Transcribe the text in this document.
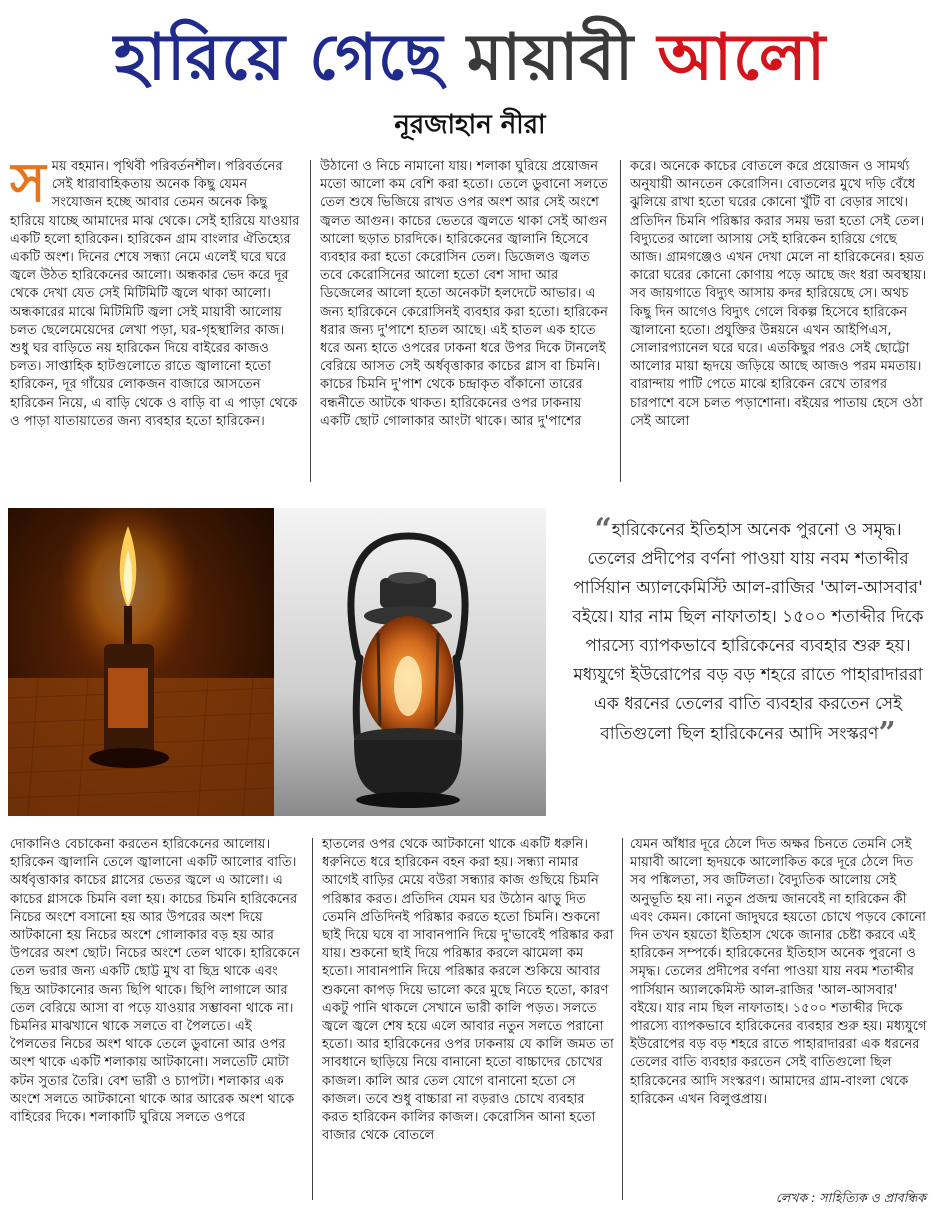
হারিয়ে গেছে মায়াবী আলো
নূরজাহান নীরা

সময় বহমান। পৃথিবী পরিবর্তনশীল। পরিবর্তনের সেই ধারাবাহিকতায় অনেক কিছু যেমন সংযোজন হচ্ছে আবার তেমন অনেক কিছু হারিয়ে যাচ্ছে আমাদের মাঝ থেকে। সেই হারিয়ে যাওয়ার একটি হলো হারিকেন। হারিকেন গ্রাম বাংলার ঐতিহ্যের একটি অংশ। দিনের শেষে সন্ধ্যা নেমে এলেই ঘরে ঘরে জ্বলে উঠত হারিকেনের আলো। অন্ধকার ভেদ করে দূর থেকে দেখা যেত সেই মিটিমিটি জ্বলে থাকা আলো। অন্ধকারের মাঝে মিটিমিটি জ্বলা সেই মায়াবী আলোয় চলত ছেলেমেয়েদের লেখা পড়া, ঘর-গৃহস্থালির কাজ। শুধু ঘর বাড়িতে নয় হারিকেন দিয়ে বাইরের কাজও চলত। সাপ্তাহিক হাটগুলোতে রাতে জ্বালানো হতো হারিকেন, দূর গাঁয়ের লোকজন বাজারে আসতেন হারিকেন নিয়ে, এ বাড়ি থেকে ও বাড়ি বা এ পাড়া থেকে ও পাড়া যাতায়াতের জন্য ব্যবহার হতো হারিকেন।

উঠানো ও নিচে নামানো যায়। শলাকা ঘুরিয়ে প্রয়োজন মতো আলো কম বেশি করা হতো। তেলে ডুবানো সলতে তেল শুষে ভিজিয়ে রাখত ওপর অংশ আর সেই অংশে জ্বলত আগুন। কাচের ভেতরে জ্বলতে থাকা সেই আগুন আলো ছড়াত চারদিকে। হারিকেনের জ্বালানি হিসেবে ব্যবহার করা হতো কেরোসিন তেল। ডিজেলও জ্বলত তবে কেরোসিনের আলো হতো বেশ সাদা আর ডিজেলের আলো হতো অনেকটা হলদেটে আভার। এ জন্য হারিকেনে কেরোসিনই ব্যবহার করা হতো। হারিকেন ধরার জন্য দু'পাশে হাতল আছে। এই হাতল এক হাতে ধরে অন্য হাতে ওপরের ঢাকনা ধরে উপর দিকে টানলেই বেরিয়ে আসত সেই অর্ধবৃত্তাকার কাচের গ্লাস বা চিমনি। কাচের চিমনি দু'পাশ থেকে চন্দ্রাকৃত বাঁকানো তারের বন্ধনীতে আটকে থাকত। হারিকেনের ওপর ঢাকনায় একটি ছোট গোলাকার আংটা থাকে। আর দু'পাশের

করে। অনেকে কাচের বোতলে করে প্রয়োজন ও সামর্থ্য অনুযায়ী আনতেন কেরোসিন। বোতলের মুখে দড়ি বেঁধে ঝুলিয়ে রাখা হতো ঘরের কোনো খুঁটি বা বেড়ার সাথে। প্রতিদিন চিমনি পরিষ্কার করার সময় ভরা হতো সেই তেল। বিদ্যুতের আলো আসায় সেই হারিকেন হারিয়ে গেছে আজ। গ্রামগঞ্জেও এখন দেখা মেলে না হারিকেনের। হয়ত কারো ঘরের কোনো কোণায় পড়ে আছে জং ধরা অবস্থায়। সব জায়গাতে বিদ্যুৎ আসায় কদর হারিয়েছে সে। অথচ কিছু দিন আগেও বিদ্যুৎ গেলে বিকল্প হিসেবে হারিকেন জ্বালানো হতো। প্রযুক্তির উন্নয়নে এখন আইপিএস, সোলারপ্যানেল ঘরে ঘরে। এতকিছুর পরও সেই ছোট্টো আলোর মায়া হৃদয়ে জড়িয়ে আছে আজও পরম মমতায়। বারান্দায় পাটি পেতে মাঝে হারিকেন রেখে তারপর চারপাশে বসে চলত পড়াশোনা। বইয়ের পাতায় হেসে ওঠা সেই আলো

“হারিকেনের ইতিহাস অনেক পুরনো ও সমৃদ্ধ। তেলের প্রদীপের বর্ণনা পাওয়া যায় নবম শতাব্দীর পার্সিয়ান অ্যালকেমিস্টি আল-রাজির 'আল-আসবার' বইয়ে। যার নাম ছিল নাফাতাহ। ১৫০০ শতাব্দীর দিকে পারস্যে ব্যাপকভাবে হারিকেনের ব্যবহার শুরু হয়। মধ্যযুগে ইউরোপের বড় বড় শহরে রাতে পাহারাদাররা এক ধরনের তেলের বাতি ব্যবহার করতেন সেই বাতিগুলো ছিল হারিকেনের আদি সংস্করণ”

দোকানিও বেচাকেনা করতেন হারিকেনের আলোয়। হারিকেন জ্বালানি তেলে জ্বালানো একটি আলোর বাতি। অর্ধবৃত্তাকার কাচের গ্লাসের ভেতর জ্বলে এ আলো। এ কাচের গ্লাসকে চিমনি বলা হয়। কাচের চিমনি হারিকেনের নিচের অংশে বসানো হয় আর উপরের অংশ দিয়ে আটকানো হয় নিচের অংশে গোলাকার বড় হয় আর উপরের অংশ ছোট। নিচের অংশে তেল থাকে। হারিকেনে তেল ভরার জন্য একটি ছোট্ট মুখ বা ছিদ্র থাকে এবং ছিদ্র আটকানোর জন্য ছিপি থাকে। ছিপি লাগালে আর তেল বেরিয়ে আসা বা পড়ে যাওয়ার সম্ভাবনা থাকে না। চিমনির মাঝখানে থাকে সলতে বা পৈলতে। এই পৈলতের নিচের অংশ থাকে তেলে ডুবানো আর ওপর অংশ থাকে একটি শলাকায় আটকানো। সলতেটি মোটা কটন সুতার তৈরি। বেশ ভারী ও চ্যাপটা। শলাকার এক অংশে সলতে আটকানো থাকে আর আরেক অংশ থাকে বাহিরের দিকে। শলাকাটি ঘুরিয়ে সলতে ওপরে

হাতলের ওপর থেকে আটকানো থাকে একটি ধরুনি। ধরুনিতে ধরে হারিকেন বহন করা হয়। সন্ধ্যা নামার আগেই বাড়ির মেয়ে বউরা সন্ধ্যার কাজ গুছিয়ে চিমনি পরিষ্কার করত। প্রতিদিন যেমন ঘর উঠোন ঝাড়ু দিত তেমনি প্রতিদিনই পরিষ্কার করতে হতো চিমনি। শুকনো ছাই দিয়ে ঘষে বা সাবানপানি দিয়ে দু'ভাবেই পরিষ্কার করা যায়। শুকনো ছাই দিয়ে পরিষ্কার করলে ঝামেলা কম হতো। সাবানপানি দিয়ে পরিষ্কার করলে শুকিয়ে আবার শুকনো কাপড় দিয়ে ভালো করে মুছে নিতে হতো, কারণ একটু পানি থাকলে সেখানে ভারী কালি পড়ত। সলতে জ্বলে জ্বলে শেষ হয়ে এলে আবার নতুন সলতে পরানো হতো। আর হারিকেনের ওপর ঢাকনায় যে কালি জমত তা সাবধানে ছাড়িয়ে নিয়ে বানানো হতো বাচ্চাদের চোখের কাজল। কালি আর তেল যোগে বানানো হতো সে কাজল। তবে শুধু বাচ্চারা না বড়রাও চোখে ব্যবহার করত হারিকেন কালির কাজল। কেরোসিন আনা হতো বাজার থেকে বোতলে

যেমন আঁধার দূরে ঠেলে দিত অক্ষর চিনতে তেমনি সেই মায়াবী আলো হৃদয়কে আলোকিত করে দূরে ঠেলে দিত সব পঙ্কিলতা, সব জটিলতা। বৈদ্যুতিক আলোয় সেই অনুভূতি হয় না। নতুন প্রজন্ম জানবেই না হারিকেন কী এবং কেমন। কোনো জাদুঘরে হয়তো চোখে পড়বে কোনো দিন তখন হয়তো ইতিহাস থেকে জানার চেষ্টা করবে এই হারিকেন সম্পর্কে। হারিকেনের ইতিহাস অনেক পুরনো ও সমৃদ্ধ। তেলের প্রদীপের বর্ণনা পাওয়া যায় নবম শতাব্দীর পার্সিয়ান অ্যালকেমিস্ট আল-রাজির 'আল-আসবার' বইয়ে। যার নাম ছিল নাফাতাহ। ১৫০০ শতাব্দীর দিকে পারস্যে ব্যাপকভাবে হারিকেনের ব্যবহার শুরু হয়। মধ্যযুগে ইউরোপের বড় বড় শহরে রাতে পাহারাদাররা এক ধরনের তেলের বাতি ব্যবহার করতেন সেই বাতিগুলো ছিল হারিকেনের আদি সংস্করণ। আমাদের গ্রাম-বাংলা থেকে হারিকেন এখন বিলুপ্তপ্রায়।

লেখক : সাহিত্যিক ও প্রাবন্ধিক
